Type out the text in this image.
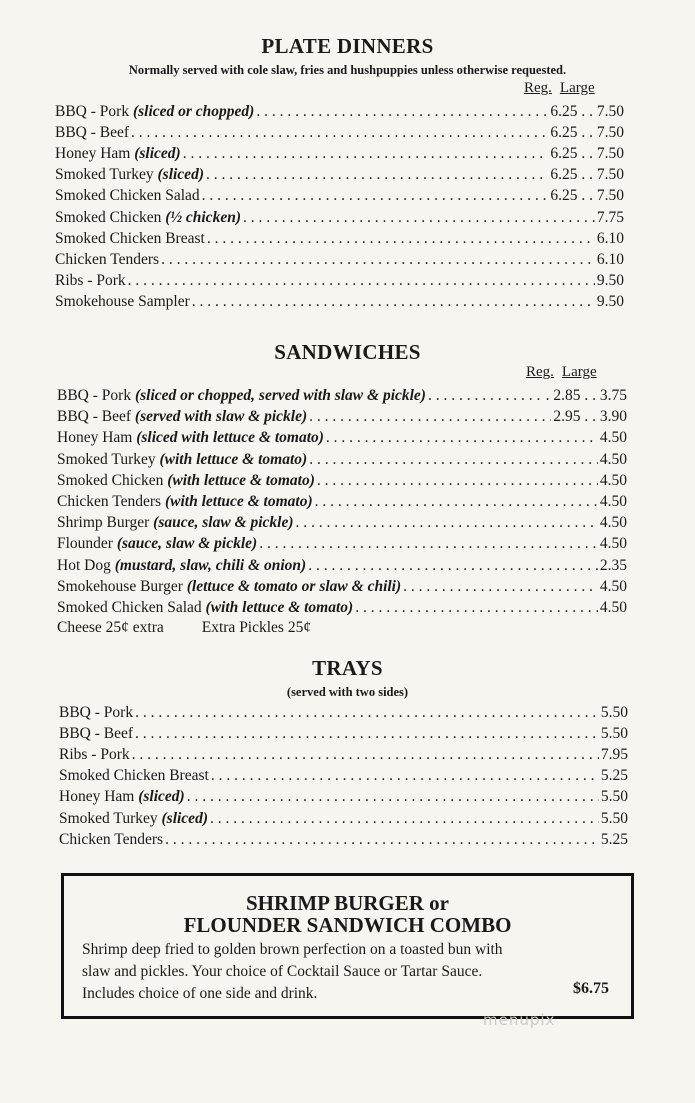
PLATE DINNERS
Normally served with cole slaw, fries and hushpuppies unless otherwise requested.
Reg. Large
BBQ - Pork (sliced or chopped) . . .	6.25 . . 7.50
BBQ - Beef . . .	6.25 . . 7.50
Honey Ham (sliced) . . .	6.25 . . 7.50
Smoked Turkey (sliced) . . .	6.25 . . 7.50
Smoked Chicken Salad . . .	6.25 . . 7.50
Smoked Chicken (½ chicken) . . .	7.75
Smoked Chicken Breast . . .	6.10
Chicken Tenders . . .	6.10
Ribs - Pork . . .	9.50
Smokehouse Sampler . . .	9.50
SANDWICHES
Reg. Large
BBQ - Pork (sliced or chopped, served with slaw & pickle) . . .	. 2.85 . . 3.75
BBQ - Beef (served with slaw & pickle) . . .	2.95 . . 3.90
Honey Ham (sliced with lettuce & tomato) . . .	4.50
Smoked Turkey (with lettuce & tomato) . . .	4.50
Smoked Chicken (with lettuce & tomato) . . .	4.50
Chicken Tenders (with lettuce & tomato) . . .	4.50
Shrimp Burger (sauce, slaw & pickle) . . .	4.50
Flounder (sauce, slaw & pickle) . . .	4.50
Hot Dog (mustard, slaw, chili & onion) . . .	2.35
Smokehouse Burger (lettuce & tomato or slaw & chili) . . .	4.50
Smoked Chicken Salad (with lettuce & tomato) . . .	4.50
Cheese 25¢ extra Extra Pickles 25¢
TRAYS
(served with two sides)
BBQ - Pork . . .	5.50
BBQ - Beef . . .	5.50
Ribs - Pork . . .	7.95
Smoked Chicken Breast . . .	5.25
Honey Ham (sliced) . . .	5.50
Smoked Turkey (sliced) . . .	5.50
Chicken Tenders . . .	5.25
SHRIMP BURGER or
FLOUNDER SANDWICH COMBO
Shrimp deep fried to golden brown perfection on a toasted bun with
slaw and pickles. Your choice of Cocktail Sauce or Tartar Sauce.
Includes choice of one side and drink.	$6.75
menupix
